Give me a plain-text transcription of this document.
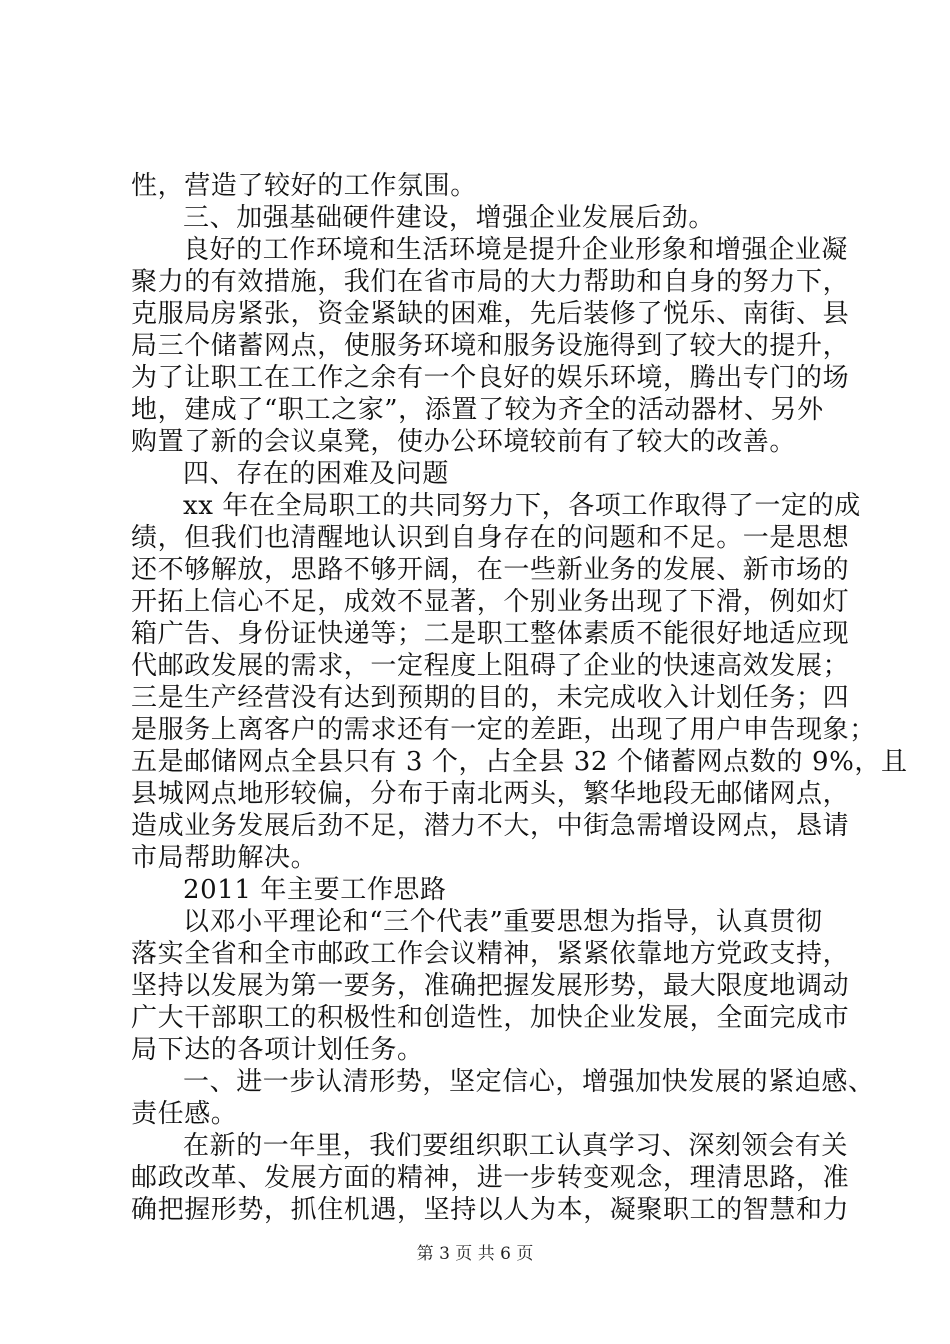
性，营造了较好的工作氛围。
三、加强基础硬件建设，增强企业发展后劲。
良好的工作环境和生活环境是提升企业形象和增强企业凝
聚力的有效措施，我们在省市局的大力帮助和自身的努力下，
克服局房紧张，资金紧缺的困难，先后装修了悦乐、南街、县
局三个储蓄网点，使服务环境和服务设施得到了较大的提升，
为了让职工在工作之余有一个良好的娱乐环境，腾出专门的场
地，建成了“职工之家”，添置了较为齐全的活动器材、另外
购置了新的会议桌凳，使办公环境较前有了较大的改善。
四、存在的困难及问题
xx 年在全局职工的共同努力下，各项工作取得了一定的成
绩，但我们也清醒地认识到自身存在的问题和不足。一是思想
还不够解放，思路不够开阔，在一些新业务的发展、新市场的
开拓上信心不足，成效不显著，个别业务出现了下滑，例如灯
箱广告、身份证快递等；二是职工整体素质不能很好地适应现
代邮政发展的需求，一定程度上阻碍了企业的快速高效发展；
三是生产经营没有达到预期的目的，未完成收入计划任务；四
是服务上离客户的需求还有一定的差距，出现了用户申告现象；
五是邮储网点全县只有 3 个，占全县 32 个储蓄网点数的 9%，且
县城网点地形较偏，分布于南北两头，繁华地段无邮储网点，
造成业务发展后劲不足，潜力不大，中街急需增设网点，恳请
市局帮助解决。
2011 年主要工作思路
以邓小平理论和“三个代表”重要思想为指导，认真贯彻
落实全省和全市邮政工作会议精神，紧紧依靠地方党政支持，
坚持以发展为第一要务，准确把握发展形势，最大限度地调动
广大干部职工的积极性和创造性，加快企业发展，全面完成市
局下达的各项计划任务。
一、进一步认清形势，坚定信心，增强加快发展的紧迫感、
责任感。
在新的一年里，我们要组织职工认真学习、深刻领会有关
邮政改革、发展方面的精神，进一步转变观念，理清思路，准
确把握形势，抓住机遇，坚持以人为本，凝聚职工的智慧和力
第 3 页 共 6 页
